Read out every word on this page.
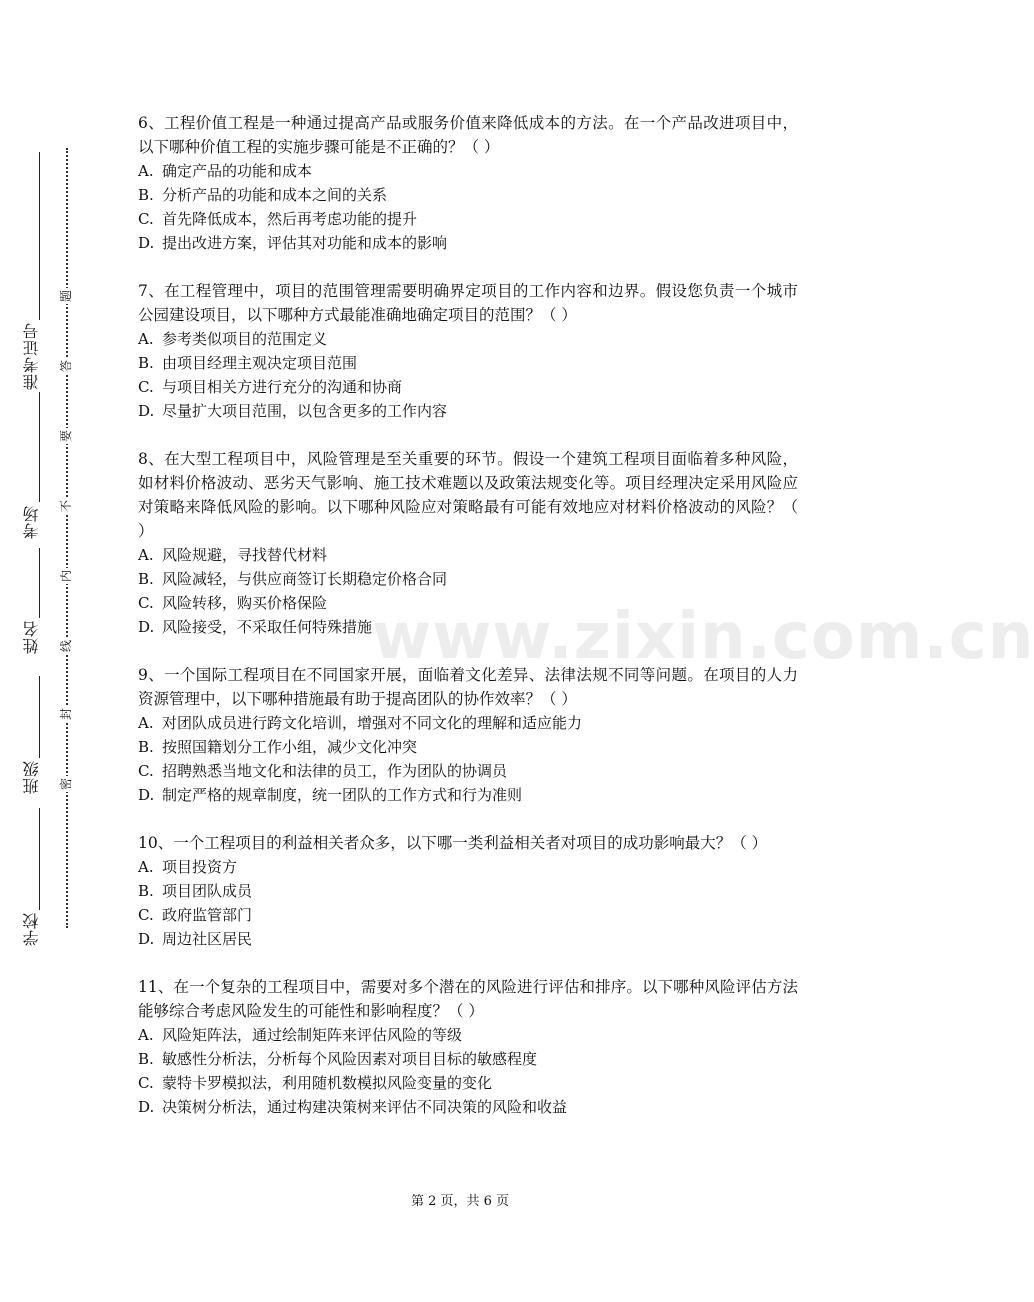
准考证号
考场
姓名
班级
学校
题
答
要
不
内
线
封
密
www.zixin.com.cn

6、工程价值工程是一种通过提高产品或服务价值来降低成本的方法。在一个产品改进项目中，以下哪种价值工程的实施步骤可能是不正确的？（ ）

A. 确定产品的功能和成本

B. 分析产品的功能和成本之间的关系

C. 首先降低成本，然后再考虑功能的提升

D. 提出改进方案，评估其对功能和成本的影响

7、在工程管理中，项目的范围管理需要明确界定项目的工作内容和边界。假设您负责一个城市公园建设项目，以下哪种方式最能准确地确定项目的范围？（ ）

A. 参考类似项目的范围定义

B. 由项目经理主观决定项目范围

C. 与项目相关方进行充分的沟通和协商

D. 尽量扩大项目范围，以包含更多的工作内容

8、在大型工程项目中，风险管理是至关重要的环节。假设一个建筑工程项目面临着多种风险，如材料价格波动、恶劣天气影响、施工技术难题以及政策法规变化等。项目经理决定采用风险应对策略来降低风险的影响。以下哪种风险应对策略最有可能有效地应对材料价格波动的风险？（ ）

A. 风险规避，寻找替代材料

B. 风险减轻，与供应商签订长期稳定价格合同

C. 风险转移，购买价格保险

D. 风险接受，不采取任何特殊措施

9、一个国际工程项目在不同国家开展，面临着文化差异、法律法规不同等问题。在项目的人力资源管理中，以下哪种措施最有助于提高团队的协作效率？（ ）

A. 对团队成员进行跨文化培训，增强对不同文化的理解和适应能力

B. 按照国籍划分工作小组，减少文化冲突

C. 招聘熟悉当地文化和法律的员工，作为团队的协调员

D. 制定严格的规章制度，统一团队的工作方式和行为准则

10、一个工程项目的利益相关者众多，以下哪一类利益相关者对项目的成功影响最大？（ ）

A. 项目投资方

B. 项目团队成员

C. 政府监管部门

D. 周边社区居民

11、在一个复杂的工程项目中，需要对多个潜在的风险进行评估和排序。以下哪种风险评估方法能够综合考虑风险发生的可能性和影响程度？（ ）

A. 风险矩阵法，通过绘制矩阵来评估风险的等级

B. 敏感性分析法，分析每个风险因素对项目目标的敏感程度

C. 蒙特卡罗模拟法，利用随机数模拟风险变量的变化

D. 决策树分析法，通过构建决策树来评估不同决策的风险和收益

第 2 页，共 6 页
